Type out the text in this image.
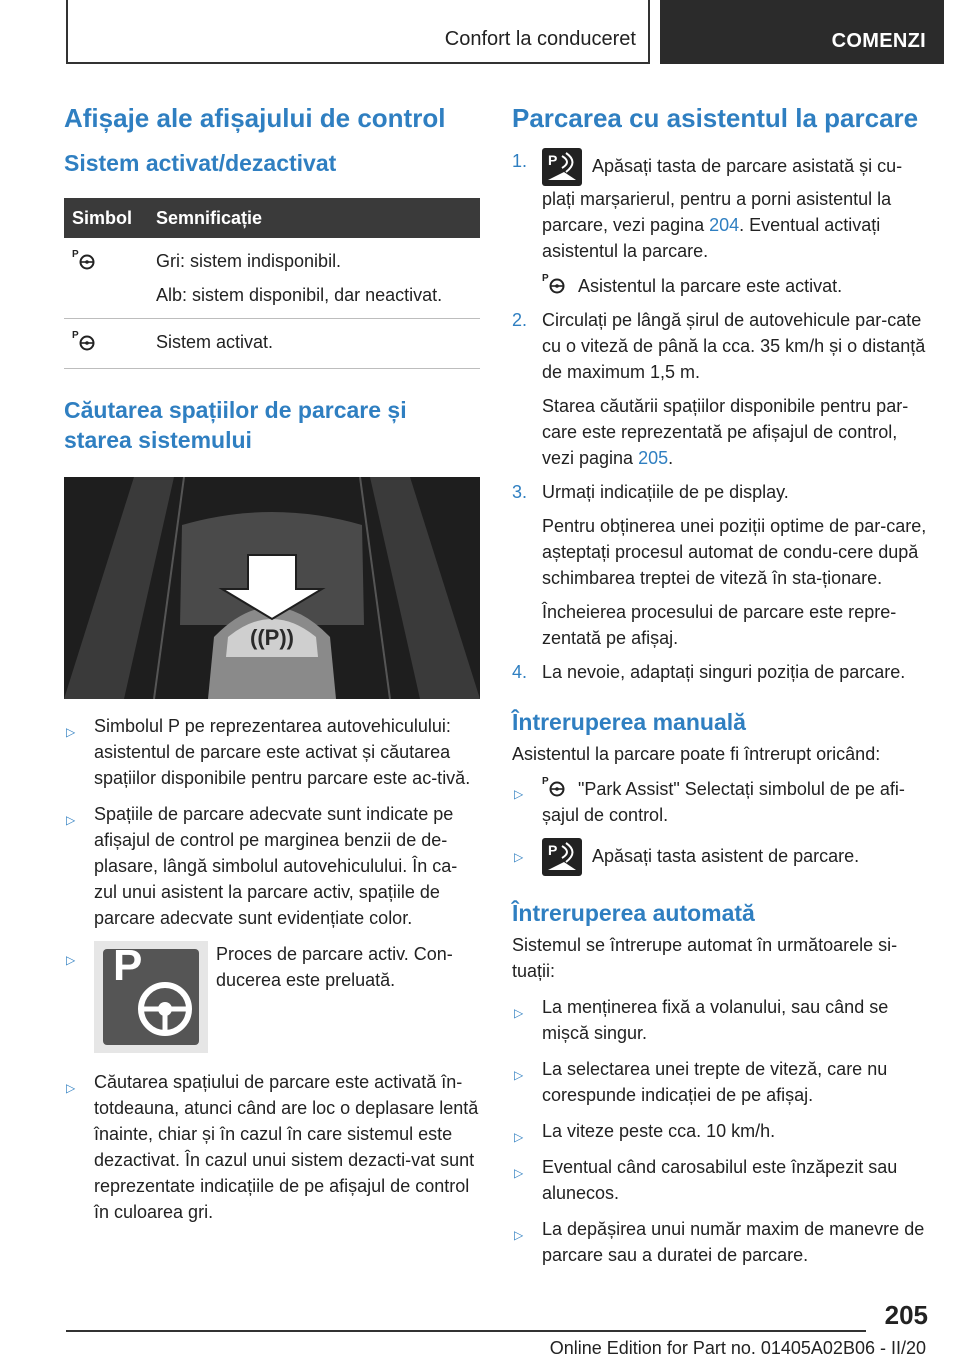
Confort la conduceret	COMENZI
Afișaje ale afișajului de control
Sistem activat/dezactivat
Simbol	Semnificație

P	Gri: sistem indisponibil.

Alb: sistem disponibil, dar neactivat.

P	Sistem activat.

Căutarea spațiilor de parcare și starea sistemului
((P))
▷ Simbolul P pe reprezentarea autovehiculului: asistentul de parcare este activat și căutarea spațiilor disponibile pentru parcare este ac-tivă.
▷ Spațiile de parcare adecvate sunt indicate pe afișajul de control pe marginea benzii de de-plasare, lângă simbolul autovehiculului. În ca-zul unui asistent la parcare activ, spațiile de parcare adecvate sunt evidențiate color.
▷ P	Proces de parcare activ. Con-ducerea este preluată.
▷ Căutarea spațiului de parcare este activată în-totdeauna, atunci când are loc o deplasare lentă înainte, chiar și în cazul în care sistemul este dezactivat. În cazul unui sistem dezacti-vat sunt reprezentate indicațiile de pe afișajul de control în culoarea gri.
Parcarea cu asistentul la parcare
1. P Apăsați tasta de parcare asistată și cu-plați marșarierul, pentru a porni asistentul la parcare, vezi pagina 204. Eventual activați asistentul la parcare.

P Asistentul la parcare este activat.

2. Circulați pe lângă șirul de autovehicule par-cate cu o viteză de până la cca. 35 km/h și o distanță de maximum 1,5 m.

Starea căutării spațiilor disponibile pentru par-care este reprezentată pe afișajul de control, vezi pagina 205.

3. Urmați indicațiile de pe display.

Pentru obținerea unei poziții optime de par-care, așteptați procesul automat de condu-cere după schimbarea treptei de viteză în sta-ționare.

Încheierea procesului de parcare este repre-zentată pe afișaj.

4. La nevoie, adaptați singuri poziția de parcare.

Întreruperea manuală

Asistentul la parcare poate fi întrerupt oricând:

▷
P "Park Assist" Selectați simbolul de pe afi-șajul de control.
▷ P Apăsați tasta asistent de parcare.
Întreruperea automată

Sistemul se întrerupe automat în următoarele si-tuații:

▷ La menținerea fixă a volanului, sau când se mișcă singur.
▷ La selectarea unei trepte de viteză, care nu corespunde indicației de pe afișaj.
▷ La viteze peste cca. 10 km/h.
▷ Eventual când carosabilul este înzăpezit sau alunecos.
▷ La depășirea unui număr maxim de manevre de parcare sau a duratei de parcare.
205
Online Edition for Part no. 01405A02B06 - II/20
